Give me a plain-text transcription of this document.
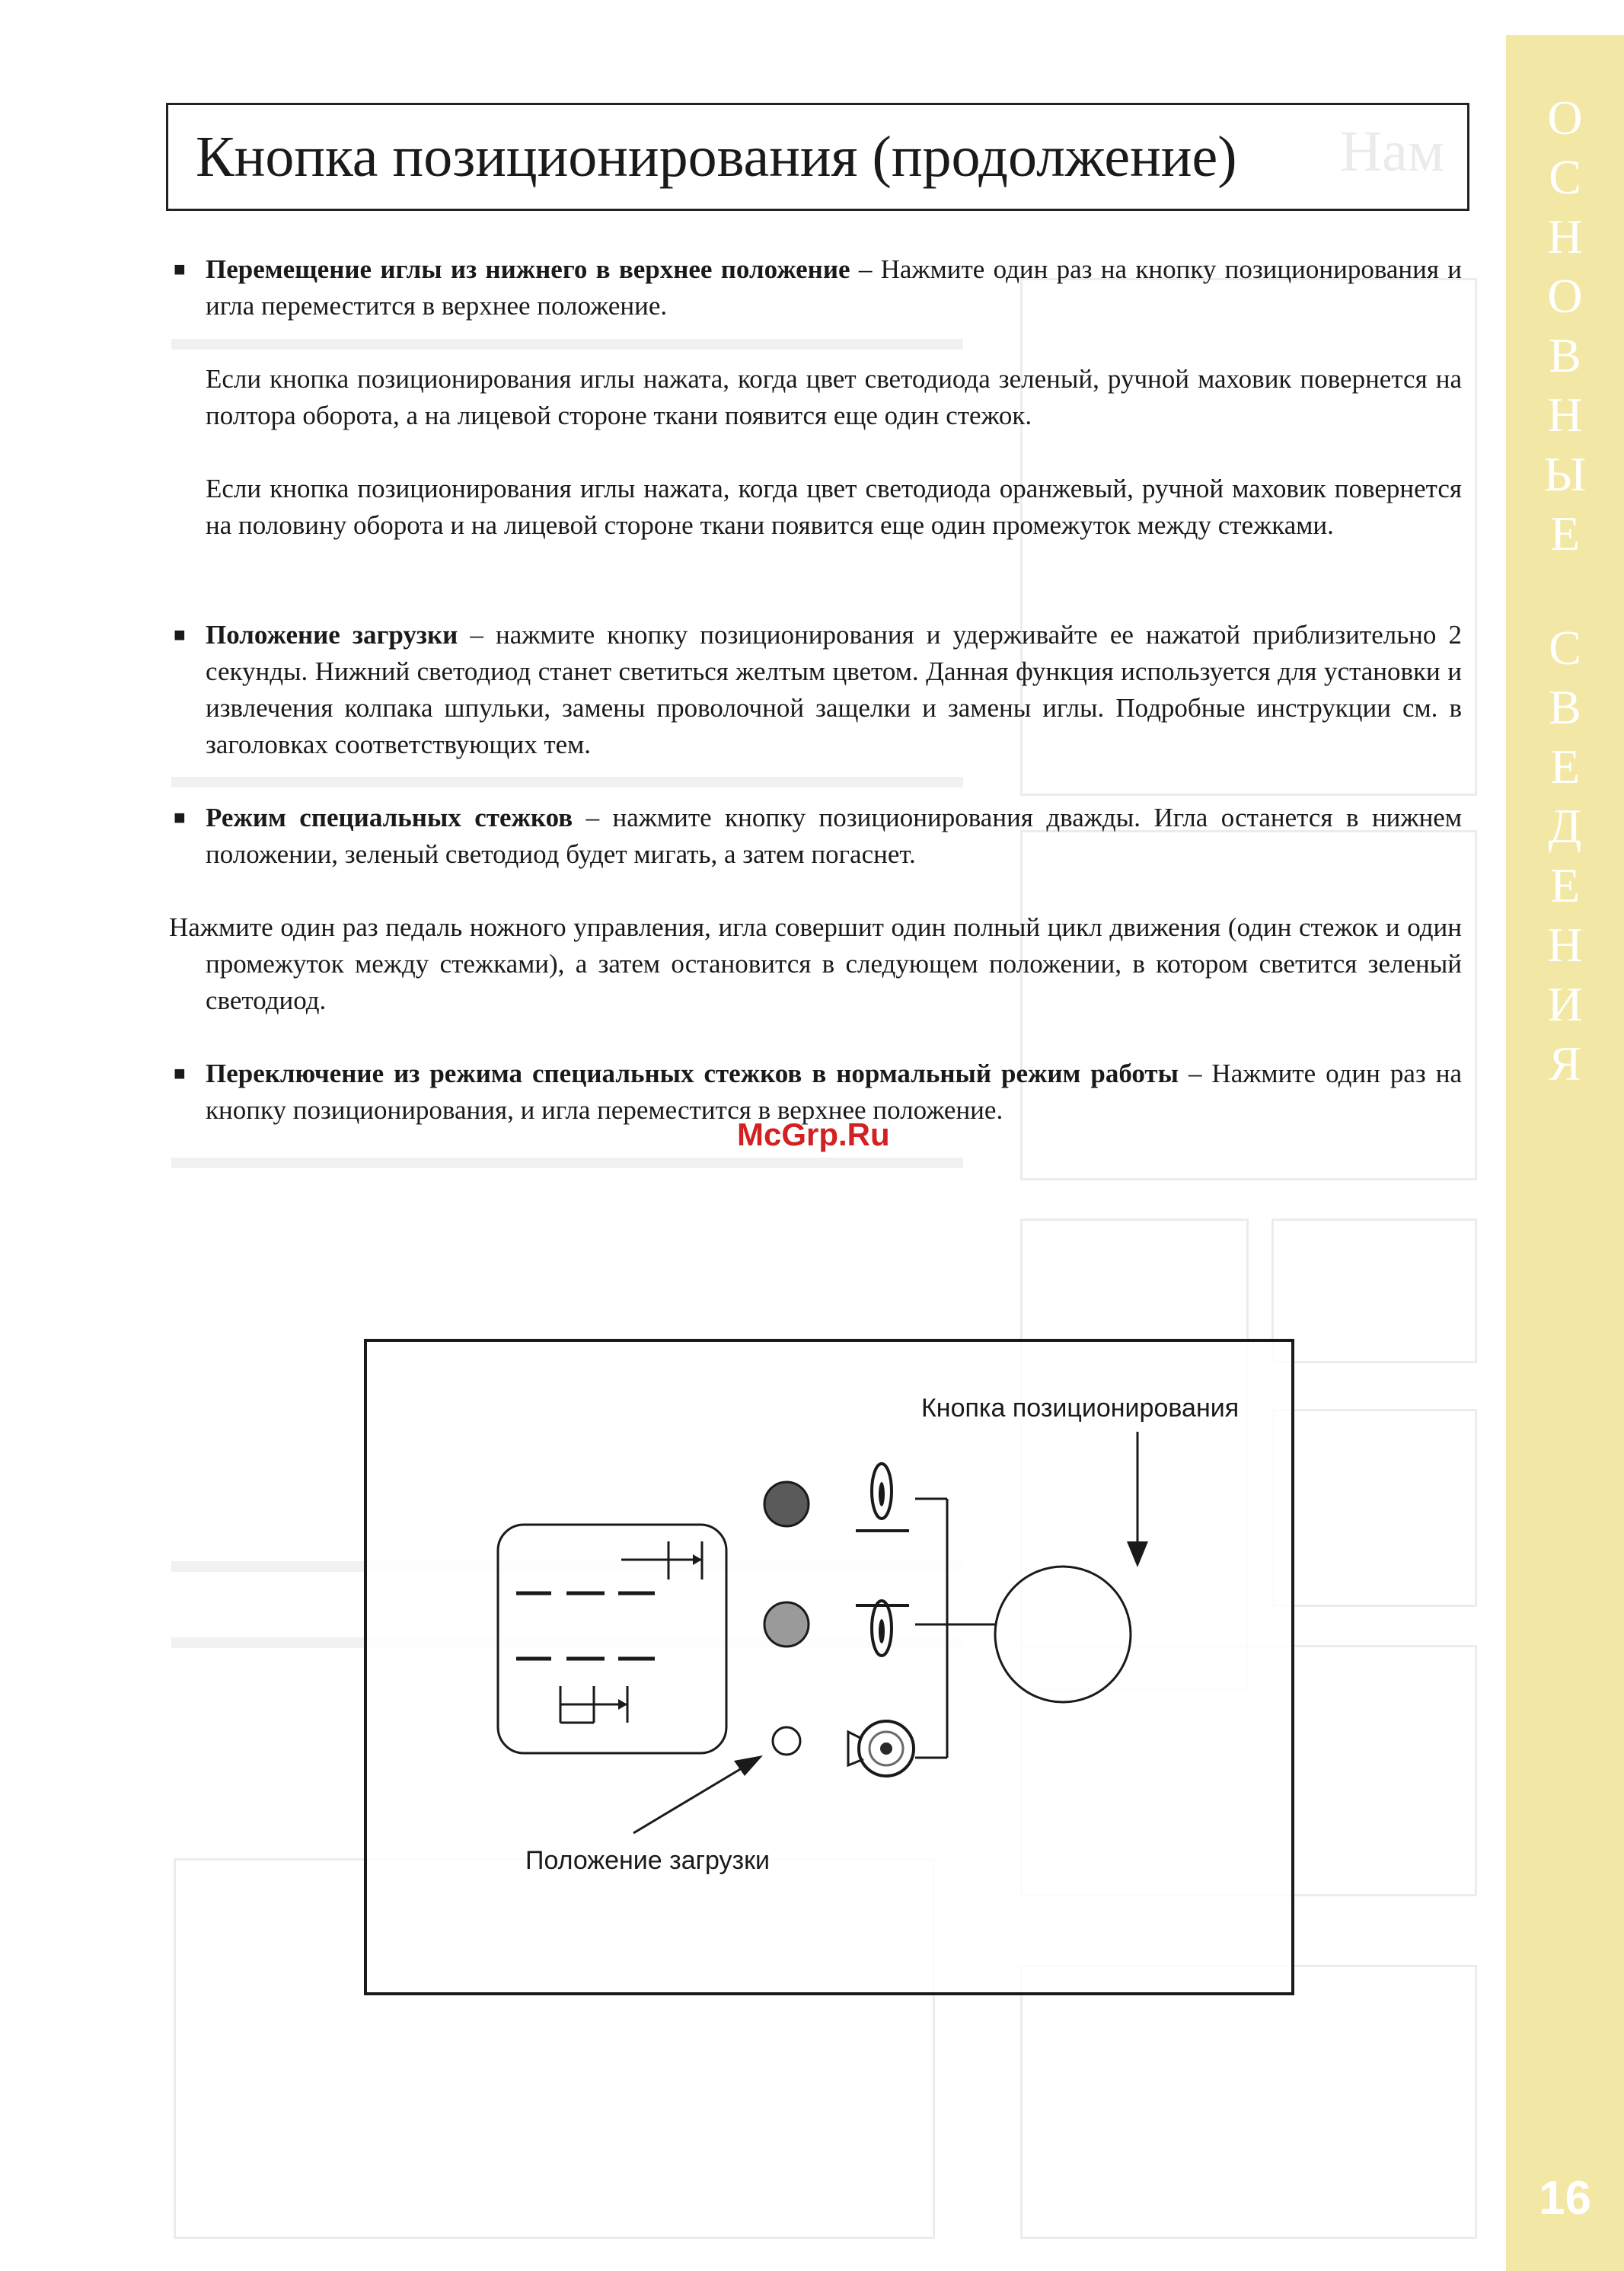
О
С
Н
О
В
Н
Ы
Е
С
В
Е
Д
Е
Н
И
Я
16
Нам
Кнопка позиционирования (продолжение)

■ Перемещение иглы из нижнего в верхнее положение – Нажмите один раз на кнопку позиционирования и игла переместится в верхнее положение.

Если кнопка позиционирования иглы нажата, когда цвет светодиода зеленый, ручной маховик повернется на полтора оборота, а на лицевой стороне ткани появится еще один стежок.

Если кнопка позиционирования иглы нажата, когда цвет светодиода оранжевый, ручной маховик повернется на половину оборота и на лицевой стороне ткани появится еще один промежуток между стежками.

■ Положение загрузки – нажмите кнопку позиционирования и удерживайте ее нажатой приблизительно 2 секунды. Нижний светодиод станет светиться желтым цветом. Данная функция используется для установки и извлечения колпака шпульки, замены проволочной защелки и замены иглы. Подробные инструкции см. в заголовках соответствующих тем.

■ Режим специальных стежков – нажмите кнопку позиционирования дважды. Игла останется в нижнем положении, зеленый светодиод будет мигать, а затем погаснет.

Нажмите один раз педаль ножного управления, игла совершит один полный цикл движения (один стежок и один промежуток между стежками), а затем остановится в следующем положении, в котором светится зеленый светодиод.

■ Переключение из режима специальных стежков в нормальный режим работы – Нажмите один раз на кнопку позиционирования, и игла переместится в верхнее положение.

McGrp.Ru
Кнопка позиционирования
Положение загрузки
